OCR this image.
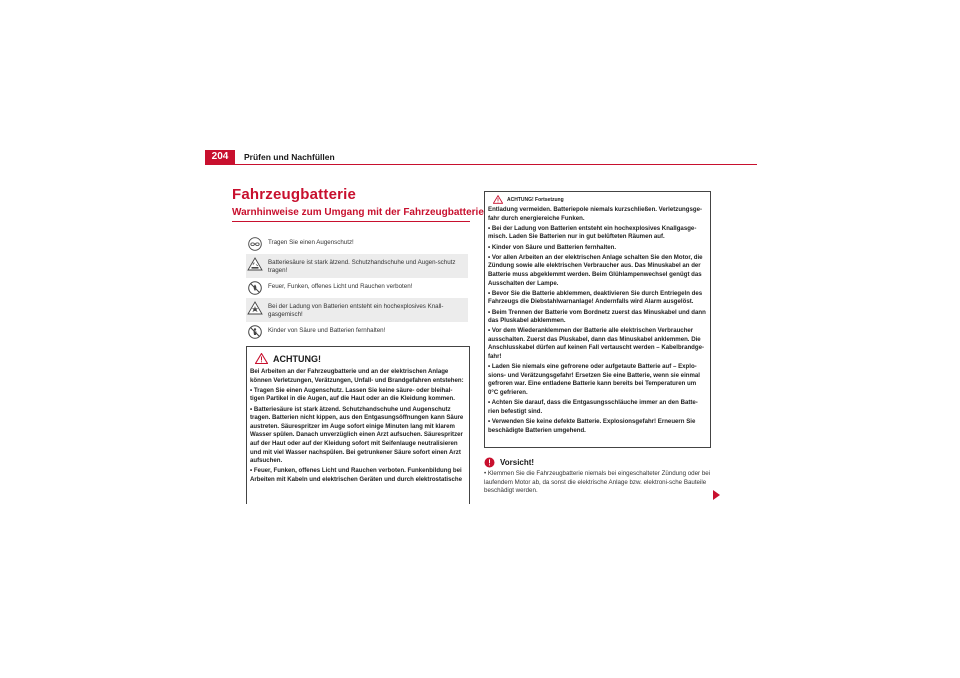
204	Prüfen und Nachfüllen
Fahrzeugbatterie
Warnhinweise zum Umgang mit der Fahrzeugbatterie
Tragen Sie einen Augenschutz!
Batteriesäure ist stark ätzend. Schutzhandschuhe und Augen-schutz tragen!
Feuer, Funken, offenes Licht und Rauchen verboten!
Bei der Ladung von Batterien entsteht ein hochexplosives Knall-gasgemisch!
Kinder von Säure und Batterien fernhalten!
ACHTUNG!

Bei Arbeiten an der Fahrzeugbatterie und an der elektrischen Anlage können Verletzungen, Verätzungen, Unfall- und Brandgefahren entstehen:

• Tragen Sie einen Augenschutz. Lassen Sie keine säure- oder bleihal-tigen Partikel in die Augen, auf die Haut oder an die Kleidung kommen.

• Batteriesäure ist stark ätzend. Schutzhandschuhe und Augenschutz tragen. Batterien nicht kippen, aus den Entgasungsöffnungen kann Säure austreten. Säurespritzer im Auge sofort einige Minuten lang mit klarem Wasser spülen. Danach unverzüglich einen Arzt aufsuchen. Säurespritzer auf der Haut oder auf der Kleidung sofort mit Seifenlauge neutralisieren und mit viel Wasser nachspülen. Bei getrunkener Säure sofort einen Arzt aufsuchen.

• Feuer, Funken, offenes Licht und Rauchen verboten. Funkenbildung bei Arbeiten mit Kabeln und elektrischen Geräten und durch elektrostatische

ACHTUNG! Fortsetzung

Entladung vermeiden. Batteriepole niemals kurzschließen. Verletzungsge-fahr durch energiereiche Funken.

• Bei der Ladung von Batterien entsteht ein hochexplosives Knallgasge-misch. Laden Sie Batterien nur in gut belüfteten Räumen auf.

• Kinder von Säure und Batterien fernhalten.

• Vor allen Arbeiten an der elektrischen Anlage schalten Sie den Motor, die Zündung sowie alle elektrischen Verbraucher aus. Das Minuskabel an der Batterie muss abgeklemmt werden. Beim Glühlampenwechsel genügt das Ausschalten der Lampe.

• Bevor Sie die Batterie abklemmen, deaktivieren Sie durch Entriegeln des Fahrzeugs die Diebstahlwarnanlage! Andernfalls wird Alarm ausgelöst.

• Beim Trennen der Batterie vom Bordnetz zuerst das Minuskabel und dann das Pluskabel abklemmen.

• Vor dem Wiederanklemmen der Batterie alle elektrischen Verbraucher ausschalten. Zuerst das Pluskabel, dann das Minuskabel anklemmen. Die Anschlusskabel dürfen auf keinen Fall vertauscht werden – Kabelbrandge-fahr!

• Laden Sie niemals eine gefrorene oder aufgetaute Batterie auf – Explo-sions- und Verätzungsgefahr! Ersetzen Sie eine Batterie, wenn sie einmal gefroren war. Eine entladene Batterie kann bereits bei Temperaturen um 0°C gefrieren.

• Achten Sie darauf, dass die Entgasungsschläuche immer an den Batte-rien befestigt sind.

• Verwenden Sie keine defekte Batterie. Explosionsgefahr! Erneuern Sie beschädigte Batterien umgehend.

Vorsicht!
• Klemmen Sie die Fahrzeugbatterie niemals bei eingeschalteter Zündung oder bei laufendem Motor ab, da sonst die elektrische Anlage bzw. elektroni-sche Bauteile beschädigt werden.
